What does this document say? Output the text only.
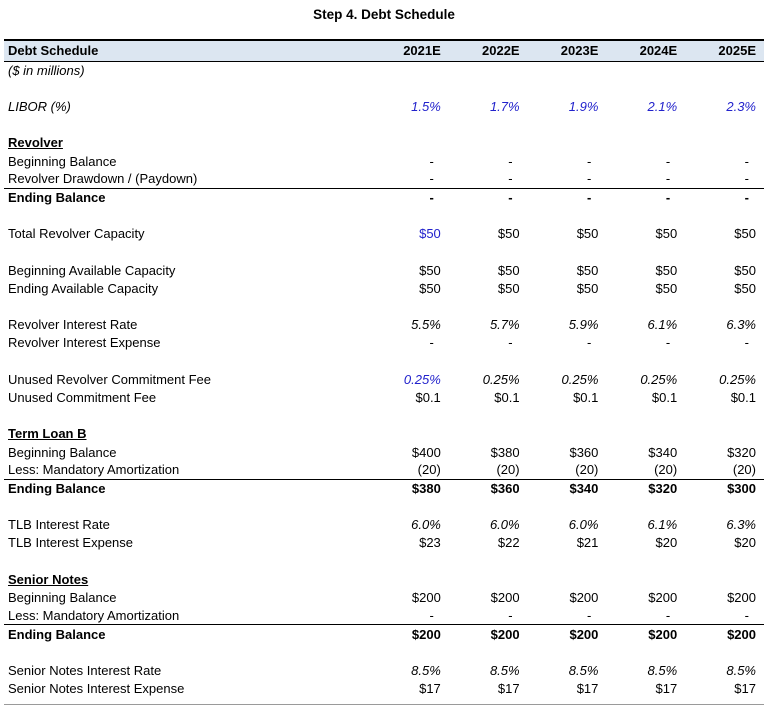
Step 4. Debt Schedule
Debt Schedule	2021E	2022E	2023E	2024E	2025E
($ in millions)					

LIBOR (%)	1.5%	1.7%	1.9%	2.1%	2.3%

Revolver					
Beginning Balance	-	-	-	-	-
Revolver Drawdown / (Paydown)	-	-	-	-	-
Ending Balance	-	-	-	-	-

Total Revolver Capacity	$50	$50	$50	$50	$50

Beginning Available Capacity	$50	$50	$50	$50	$50
Ending Available Capacity	$50	$50	$50	$50	$50

Revolver Interest Rate	5.5%	5.7%	5.9%	6.1%	6.3%
Revolver Interest Expense	-	-	-	-	-

Unused Revolver Commitment Fee	0.25%	0.25%	0.25%	0.25%	0.25%
Unused Commitment Fee	$0.1	$0.1	$0.1	$0.1	$0.1

Term Loan B					
Beginning Balance	$400	$380	$360	$340	$320
Less: Mandatory Amortization	(20)	(20)	(20)	(20)	(20)
Ending Balance	$380	$360	$340	$320	$300

TLB Interest Rate	6.0%	6.0%	6.0%	6.1%	6.3%
TLB Interest Expense	$23	$22	$21	$20	$20

Senior Notes					
Beginning Balance	$200	$200	$200	$200	$200
Less: Mandatory Amortization	-	-	-	-	-
Ending Balance	$200	$200	$200	$200	$200

Senior Notes Interest Rate	8.5%	8.5%	8.5%	8.5%	8.5%
Senior Notes Interest Expense	$17	$17	$17	$17	$17
